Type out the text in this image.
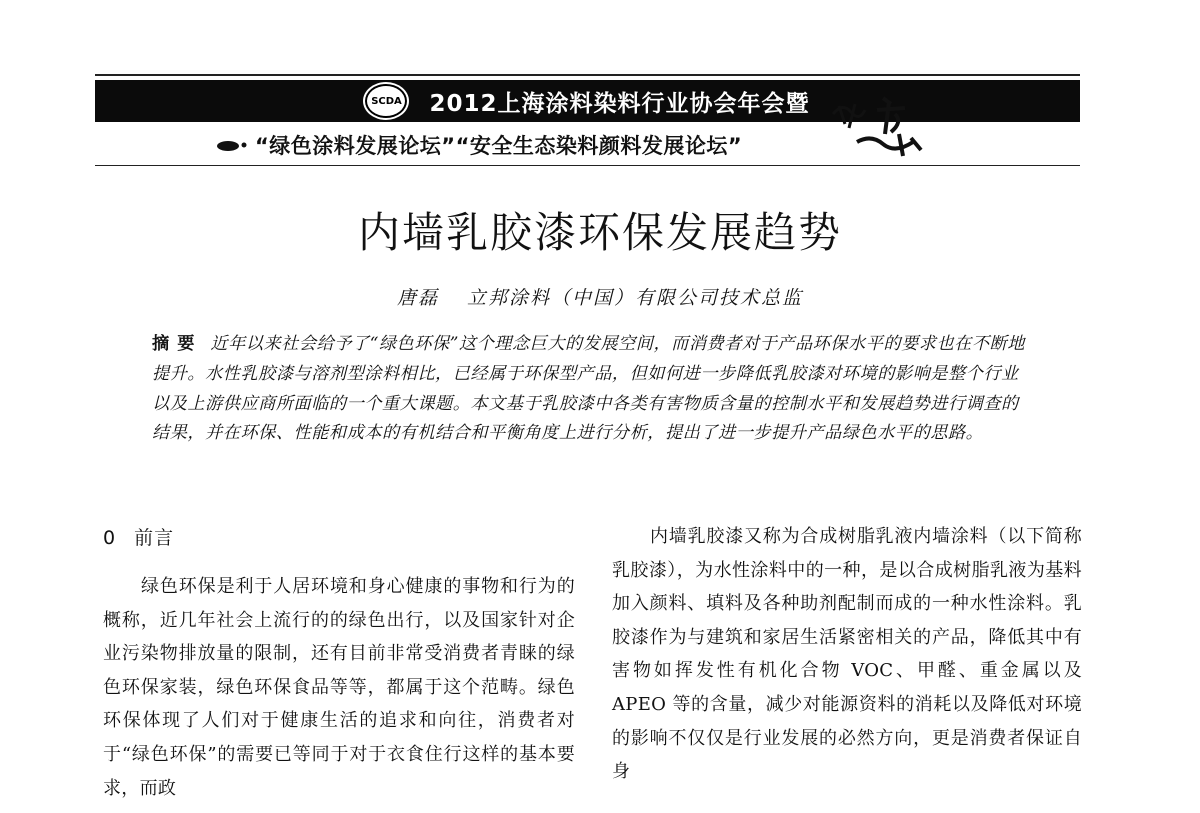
SCDA 2012上海涂料染料行业协会年会暨
“绿色涂料发展论坛”“安全生态染料颜料发展论坛”
内墙乳胶漆环保发展趋势
唐磊 立邦涂料（中国）有限公司技术总监
摘要 近年以来社会给予了“绿色环保”这个理念巨大的发展空间，而消费者对于产品环保水平的要求也在不断地提升。水性乳胶漆与溶剂型涂料相比，已经属于环保型产品，但如何进一步降低乳胶漆对环境的影响是整个行业以及上游供应商所面临的一个重大课题。本文基于乳胶漆中各类有害物质含量的控制水平和发展趋势进行调查的结果，并在环保、性能和成本的有机结合和平衡角度上进行分析，提出了进一步提升产品绿色水平的思路。
0 前言

绿色环保是利于人居环境和身心健康的事物和行为的概称，近几年社会上流行的的绿色出行，以及国家针对企业污染物排放量的限制，还有目前非常受消费者青睐的绿色环保家装，绿色环保食品等等，都属于这个范畴。绿色环保体现了人们对于健康生活的追求和向往，消费者对于“绿色环保”的需要已等同于对于衣食住行这样的基本要求，而政

内墙乳胶漆又称为合成树脂乳液内墙涂料（以下简称乳胶漆），为水性涂料中的一种，是以合成树脂乳液为基料加入颜料、填料及各种助剂配制而成的一种水性涂料。乳胶漆作为与建筑和家居生活紧密相关的产品，降低其中有害物如挥发性有机化合物 VOC、甲醛、重金属以及 APEO 等的含量，减少对能源资料的消耗以及降低对环境的影响不仅仅是行业发展的必然方向，更是消费者保证自身
